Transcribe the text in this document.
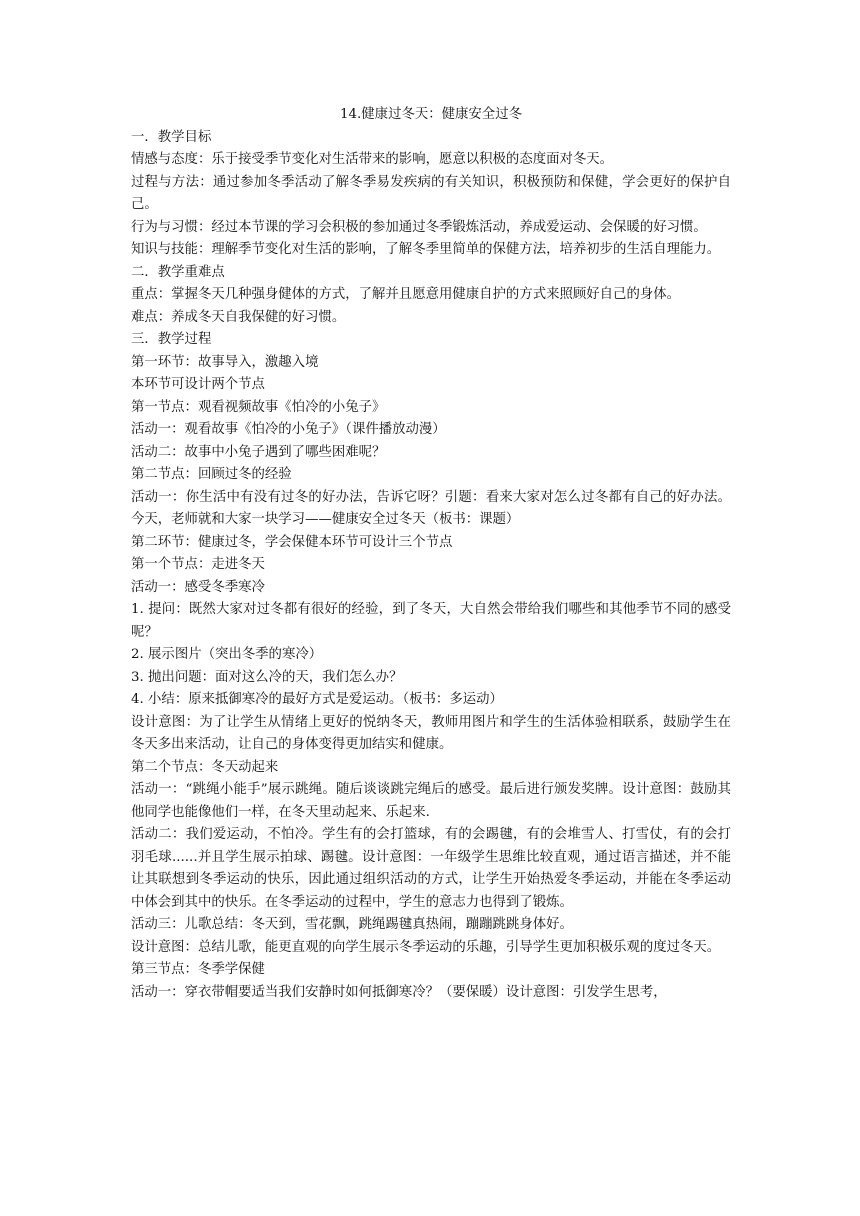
14.健康过冬天：健康安全过冬
一．教学目标
情感与态度：乐于接受季节变化对生活带来的影响，愿意以积极的态度面对冬天。
过程与方法：通过参加冬季活动了解冬季易发疾病的有关知识，积极预防和保健，学会更好的保护自己。
行为与习惯：经过本节课的学习会积极的参加通过冬季锻炼活动，养成爱运动、会保暖的好习惯。
知识与技能：理解季节变化对生活的影响，了解冬季里简单的保健方法，培养初步的生活自理能力。
二．教学重难点
重点：掌握冬天几种强身健体的方式，了解并且愿意用健康自护的方式来照顾好自己的身体。
难点：养成冬天自我保健的好习惯。
三．教学过程
第一环节：故事导入，激趣入境
本环节可设计两个节点
第一节点：观看视频故事《怕冷的小兔子》
活动一：观看故事《怕冷的小兔子》（课件播放动漫）
活动二：故事中小兔子遇到了哪些困难呢？
第二节点：回顾过冬的经验
活动一：你生活中有没有过冬的好办法，告诉它呀？引题：看来大家对怎么过冬都有自己的好办法。今天，老师就和大家一块学习——健康安全过冬天（板书：课题）
第二环节：健康过冬，学会保健本环节可设计三个节点
第一个节点：走进冬天
活动一：感受冬季寒冷
1. 提问：既然大家对过冬都有很好的经验，到了冬天，大自然会带给我们哪些和其他季节不同的感受呢？
2. 展示图片（突出冬季的寒冷）
3. 抛出问题：面对这么冷的天，我们怎么办？
4. 小结：原来抵御寒冷的最好方式是爱运动。（板书：多运动）
设计意图：为了让学生从情绪上更好的悦纳冬天，教师用图片和学生的生活体验相联系，鼓励学生在冬天多出来活动，让自己的身体变得更加结实和健康。
第二个节点：冬天动起来
活动一：“跳绳小能手”展示跳绳。随后谈谈跳完绳后的感受。最后进行颁发奖牌。设计意图：鼓励其他同学也能像他们一样，在冬天里动起来、乐起来.
活动二：我们爱运动，不怕冷。学生有的会打篮球，有的会踢毽，有的会堆雪人、打雪仗，有的会打羽毛球......并且学生展示拍球、踢毽。设计意图：一年级学生思维比较直观，通过语言描述，并不能让其联想到冬季运动的快乐，因此通过组织活动的方式，让学生开始热爱冬季运动，并能在冬季运动中体会到其中的快乐。在冬季运动的过程中，学生的意志力也得到了锻炼。
活动三：儿歌总结：冬天到，雪花飘，跳绳踢毽真热闹，蹦蹦跳跳身体好。
设计意图：总结儿歌，能更直观的向学生展示冬季运动的乐趣，引导学生更加积极乐观的度过冬天。
第三节点：冬季学保健
活动一：穿衣带帽要适当我们安静时如何抵御寒冷？（要保暖）设计意图：引发学生思考，
